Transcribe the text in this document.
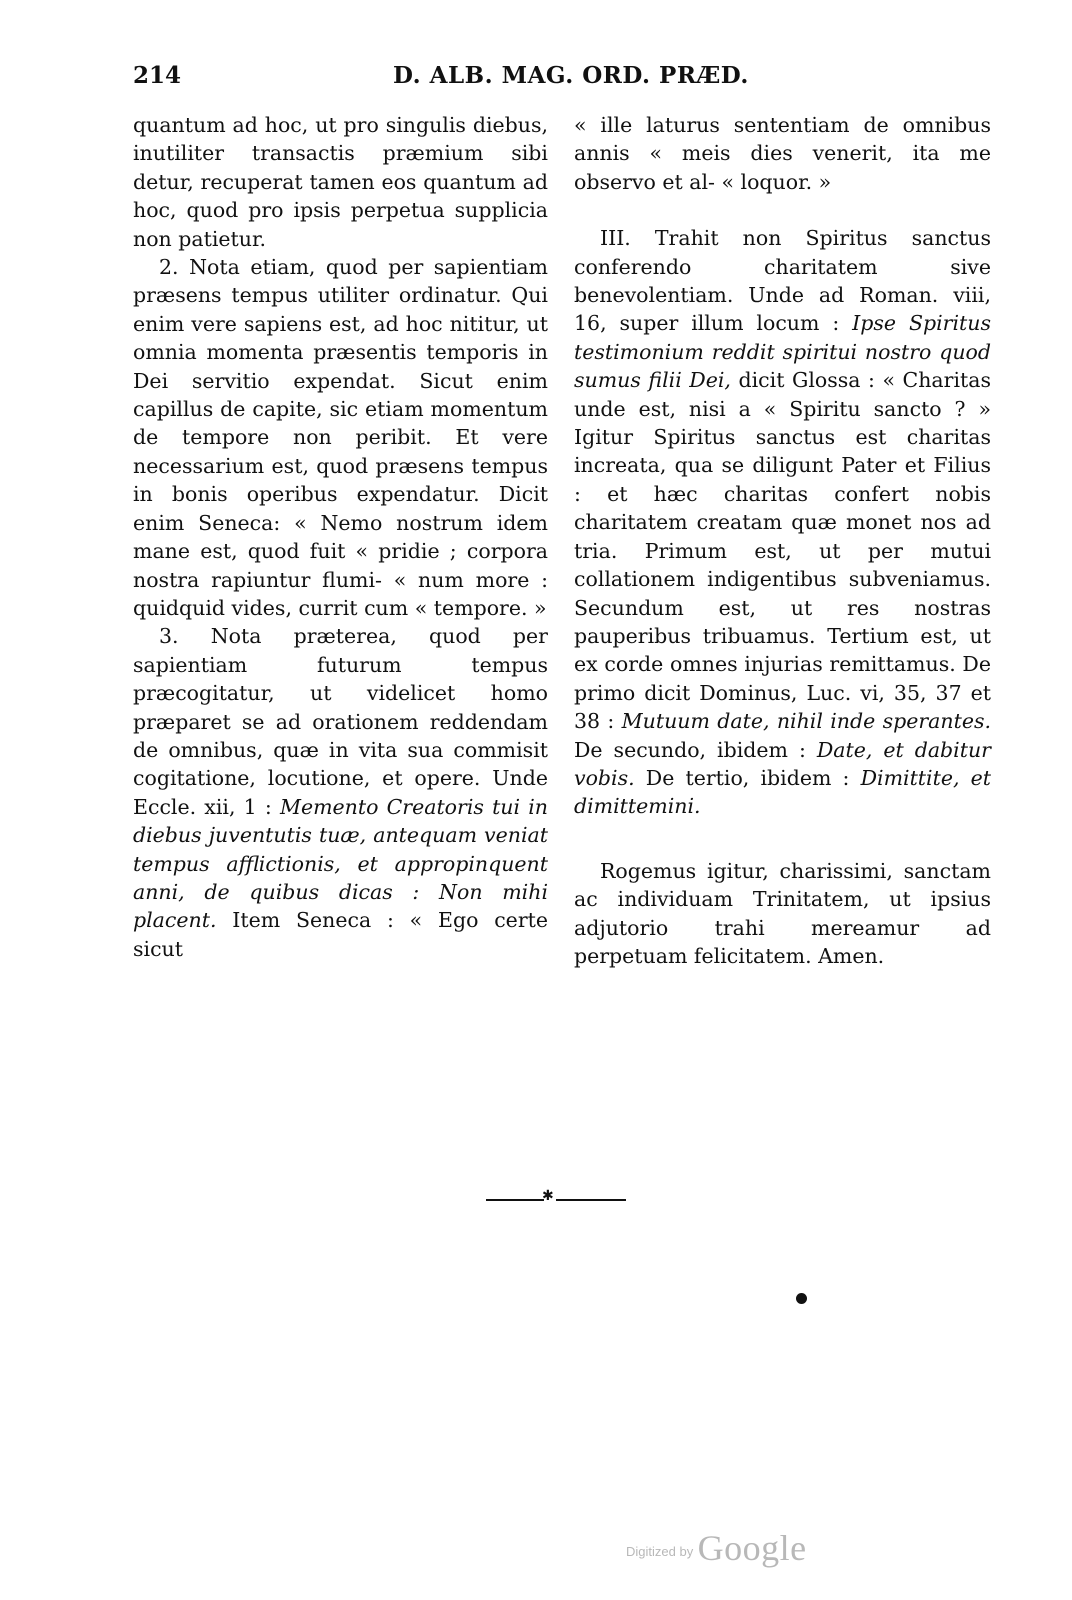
214	D. ALB. MAG. ORD. PRÆD.

quantum ad hoc, ut pro singulis diebus, inutiliter transactis præmium sibi detur, recuperat tamen eos quantum ad hoc, quod pro ipsis perpetua supplicia non patietur.

2. Nota etiam, quod per sapientiam præsens tempus utiliter ordinatur. Qui enim vere sapiens est, ad hoc nititur, ut omnia momenta præsentis temporis in Dei servitio expendat. Sicut enim capillus de capite, sic etiam momentum de tempore non peribit. Et vere necessarium est, quod præsens tempus in bonis operibus expendatur. Dicit enim Seneca: « Nemo nostrum idem mane est, quod fuit « pridie ; corpora nostra rapiuntur flumi- « num more : quidquid vides, currit cum « tempore. »

3. Nota præterea, quod per sapientiam futurum tempus præcogitatur, ut videlicet homo præparet se ad orationem reddendam de omnibus, quæ in vita sua commisit cogitatione, locutione, et opere. Unde Eccle. xii, 1 : Memento Creatoris tui in diebus juventutis tuæ, antequam veniat tempus afflictionis, et appropinquent anni, de quibus dicas : Non mihi placent. Item Seneca : « Ego certe sicut

« ille laturus sententiam de omnibus annis « meis dies venerit, ita me observo et al- « loquor. »

III. Trahit non Spiritus sanctus conferendo charitatem sive benevolentiam. Unde ad Roman. viii, 16, super illum locum : Ipse Spiritus testimonium reddit spiritui nostro quod sumus filii Dei, dicit Glossa : « Charitas unde est, nisi a « Spiritu sancto ? » Igitur Spiritus sanctus est charitas increata, qua se diligunt Pater et Filius : et hæc charitas confert nobis charitatem creatam quæ monet nos ad tria. Primum est, ut per mutui collationem indigentibus subveniamus. Secundum est, ut res nostras pauperibus tribuamus. Tertium est, ut ex corde omnes injurias remittamus. De primo dicit Dominus, Luc. vi, 35, 37 et 38 : Mutuum date, nihil inde sperantes. De secundo, ibidem : Date, et dabitur vobis. De tertio, ibidem : Dimittite, et dimittemini.

Rogemus igitur, charissimi, sanctam ac individuam Trinitatem, ut ipsius adjutorio trahi mereamur ad perpetuam felicitatem. Amen.

✱
$^{Digitized by}$ Google
